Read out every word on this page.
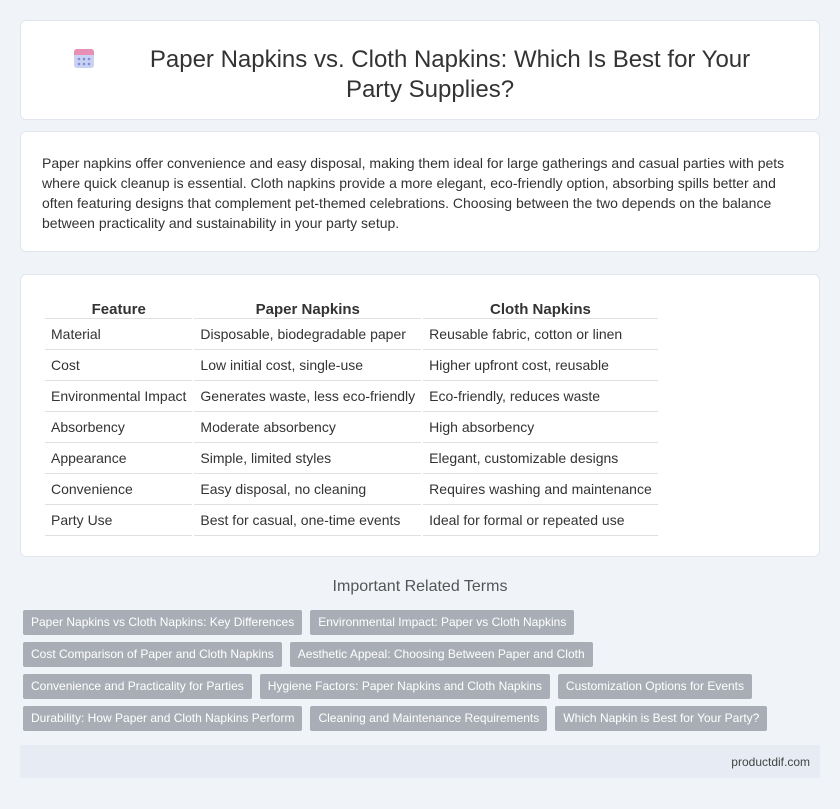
Paper Napkins vs. Cloth Napkins: Which Is Best for Your Party Supplies?

Paper napkins offer convenience and easy disposal, making them ideal for large gatherings and casual parties with pets where quick cleanup is essential. Cloth napkins provide a more elegant, eco-friendly option, absorbing spills better and often featuring designs that complement pet-themed celebrations. Choosing between the two depends on the balance between practicality and sustainability in your party setup.

Feature	Paper Napkins	Cloth Napkins
Material	Disposable, biodegradable paper	Reusable fabric, cotton or linen
Cost	Low initial cost, single-use	Higher upfront cost, reusable
Environmental Impact	Generates waste, less eco-friendly	Eco-friendly, reduces waste
Absorbency	Moderate absorbency	High absorbency
Appearance	Simple, limited styles	Elegant, customizable designs
Convenience	Easy disposal, no cleaning	Requires washing and maintenance
Party Use	Best for casual, one-time events	Ideal for formal or repeated use
Important Related Terms
Paper Napkins vs Cloth Napkins: Key Differences	Environmental Impact: Paper vs Cloth Napkins
Cost Comparison of Paper and Cloth Napkins	Aesthetic Appeal: Choosing Between Paper and Cloth
Convenience and Practicality for Parties	Hygiene Factors: Paper Napkins and Cloth Napkins	Customization Options for Events
Durability: How Paper and Cloth Napkins Perform	Cleaning and Maintenance Requirements	Which Napkin is Best for Your Party?
productdif.com
